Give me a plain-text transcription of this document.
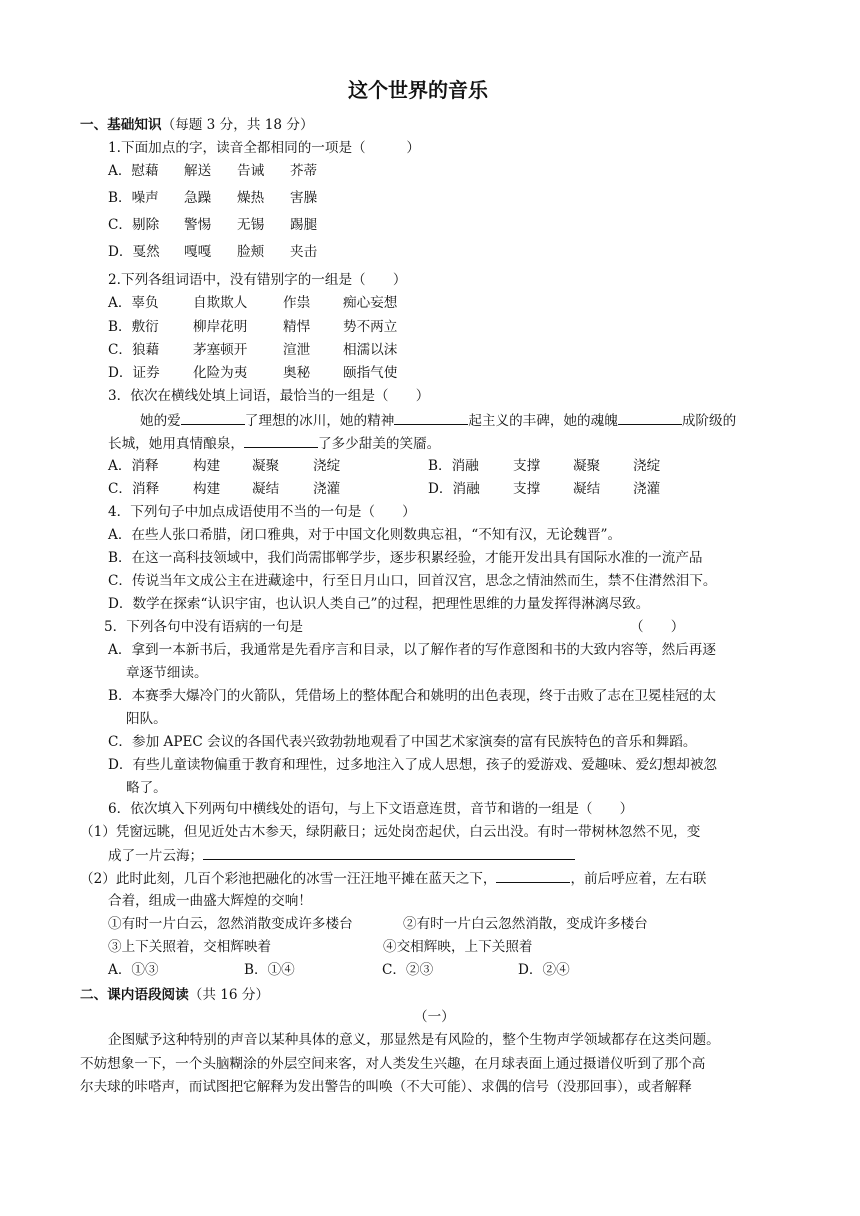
这个世界的音乐
一、基础知识（每题 3 分，共 18 分）
1.下面加点的字，读音全都相同的一项是（　　　）
A．慰藉 解送 告诫 芥蒂
B．噪声 急躁 燥热 害臊
C．剔除 警惕 无锡 踢腿
D．戛然 嘎嘎 脸颊 夹击
2.下列各组词语中，没有错别字的一组是（　　）
A．辜负	自欺欺人	作祟 痴心妄想
B．敷衍	柳岸花明	精悍 势不两立
C．狼藉 茅塞顿开	渲泄 相濡以沫
D．证券 化险为夷	奥秘 颐指气使
3．依次在横线处填上词语，最恰当的一组是（　　）
她的爱	了理想的冰川，她的精神	起主义的丰碑，她的魂魄	成阶级的
长城，她用真情酿泉，	了多少甜美的笑靥。
A．消释	构建 凝聚 浇绽	B．消融	支撑 凝聚 浇绽
C．消释 构建 凝结 浇灌	D．消融 支撑 凝结 浇灌
4．下列句子中加点成语使用不当的一句是（　　）
A．在些人张口希腊，闭口雅典，对于中国文化则数典忘祖，“不知有汉，无论魏晋”。
B．在这一高科技领域中，我们尚需邯郸学步，逐步积累经验，才能开发出具有国际水准的一流产品
C．传说当年文成公主在进藏途中，行至日月山口，回首汉宫，思念之情油然而生，禁不住潸然泪下。
D．数学在探索“认识宇宙，也认识人类自己”的过程，把理性思维的力量发挥得淋漓尽致。
5．下列各句中没有语病的一句是	（　　）
A．拿到一本新书后，我通常是先看序言和目录，以了解作者的写作意图和书的大致内容等，然后再逐
章逐节细读。
B．本赛季大爆冷门的火箭队，凭借场上的整体配合和姚明的出色表现，终于击败了志在卫冕桂冠的太
阳队。
C．参加 APEC 会议的各国代表兴致勃勃地观看了中国艺术家演奏的富有民族特色的音乐和舞蹈。
D．有些儿童读物偏重于教育和理性，过多地注入了成人思想，孩子的爱游戏、爱趣味、爱幻想却被忽
略了。
6．依次填入下列两句中横线处的语句，与上下文语意连贯，音节和谐的一组是（　　）
（1）凭窗远眺，但见近处古木参天，绿阴蔽日；远处岗峦起伏，白云出没。有时一带树林忽然不见，变
成了一片云海；
（2）此时此刻，几百个彩池把融化的冰雪一汪汪地平摊在蓝天之下，	，前后呼应着，左右联
合着，组成一曲盛大辉煌的交响！
①有时一片白云，忽然消散变成许多楼台	②有时一片白云忽然消散，变成许多楼台
③上下关照着，交相辉映着	④交相辉映，上下关照着
A．①③	B．①④	C．②③	D．②④
二、课内语段阅读（共 16 分）
（一）
企图赋予这种特别的声音以某种具体的意义，那显然是有风险的，整个生物声学领域都存在这类问题。
不妨想象一下，一个头脑糊涂的外层空间来客，对人类发生兴趣，在月球表面上通过摄谱仪听到了那个高
尔夫球的咔嗒声，而试图把它解释为发出警告的叫唤（不大可能）、求偶的信号（没那回事），或者解释
